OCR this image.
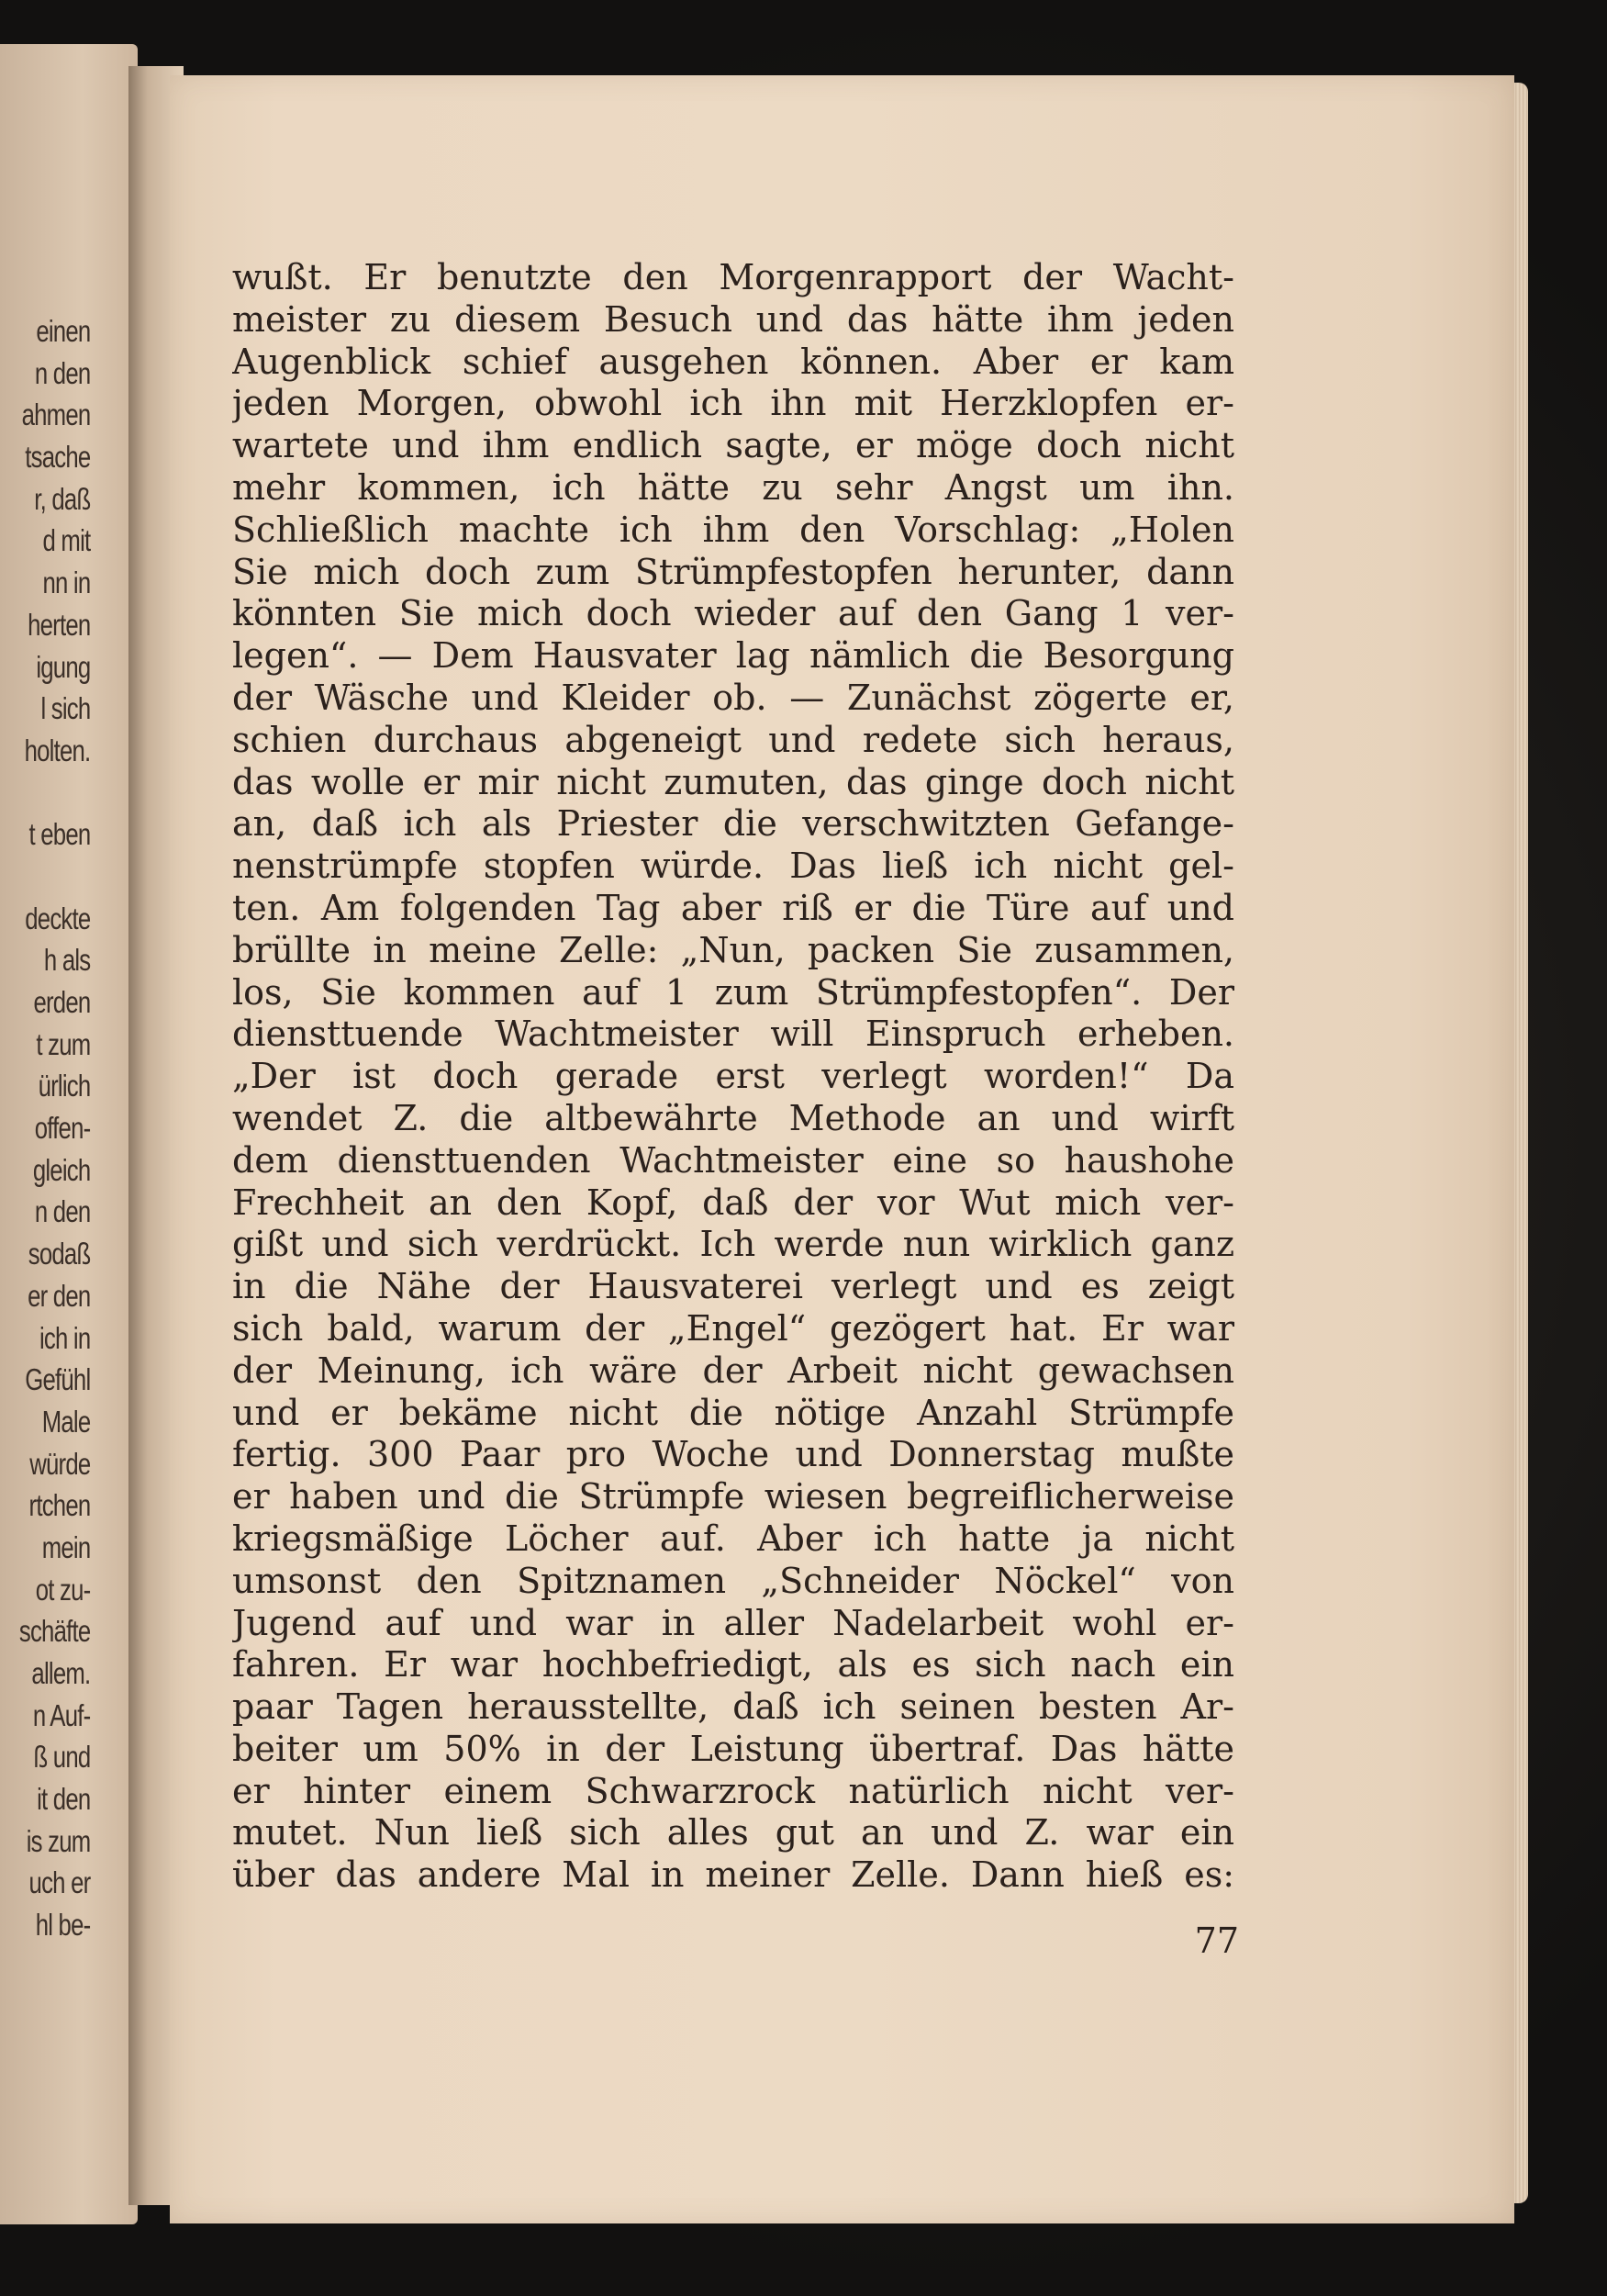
einen
n den
ahmen
tsache
r, daß
d mit
nn in
herten
igung
l sich
holten.
t eben
deckte
h als
erden
t zum
ürlich
offen-
gleich
n den
sodaß
er den
ich in
Gefühl
Male
würde
rtchen
mein
ot zu-
schäfte
allem.
n Auf-
ß und
it den
is zum
uch er
hl be-
wußt. Er benutzte den Morgenrapport der Wacht-
meister zu diesem Besuch und das hätte ihm jeden
Augenblick schief ausgehen können. Aber er kam
jeden Morgen, obwohl ich ihn mit Herzklopfen er-
wartete und ihm endlich sagte, er möge doch nicht
mehr kommen, ich hätte zu sehr Angst um ihn.
Schließlich machte ich ihm den Vorschlag: „Holen
Sie mich doch zum Strümpfestopfen herunter, dann
könnten Sie mich doch wieder auf den Gang 1 ver-
legen“. — Dem Hausvater lag nämlich die Besorgung
der Wäsche und Kleider ob. — Zunächst zögerte er,
schien durchaus abgeneigt und redete sich heraus,
das wolle er mir nicht zumuten, das ginge doch nicht
an, daß ich als Priester die verschwitzten Gefange-
nenstrümpfe stopfen würde. Das ließ ich nicht gel-
ten. Am folgenden Tag aber riß er die Türe auf und
brüllte in meine Zelle: „Nun, packen Sie zusammen,
los, Sie kommen auf 1 zum Strümpfestopfen“. Der
diensttuende Wachtmeister will Einspruch erheben.
„Der ist doch gerade erst verlegt worden!“ Da
wendet Z. die altbewährte Methode an und wirft
dem diensttuenden Wachtmeister eine so haushohe
Frechheit an den Kopf, daß der vor Wut mich ver-
gißt und sich verdrückt. Ich werde nun wirklich ganz
in die Nähe der Hausvaterei verlegt und es zeigt
sich bald, warum der „Engel“ gezögert hat. Er war
der Meinung, ich wäre der Arbeit nicht gewachsen
und er bekäme nicht die nötige Anzahl Strümpfe
fertig. 300 Paar pro Woche und Donnerstag mußte
er haben und die Strümpfe wiesen begreiflicherweise
kriegsmäßige Löcher auf. Aber ich hatte ja nicht
umsonst den Spitznamen „Schneider Nöckel“ von
Jugend auf und war in aller Nadelarbeit wohl er-
fahren. Er war hochbefriedigt, als es sich nach ein
paar Tagen herausstellte, daß ich seinen besten Ar-
beiter um 50% in der Leistung übertraf. Das hätte
er hinter einem Schwarzrock natürlich nicht ver-
mutet. Nun ließ sich alles gut an und Z. war ein
über das andere Mal in meiner Zelle. Dann hieß es:
77
